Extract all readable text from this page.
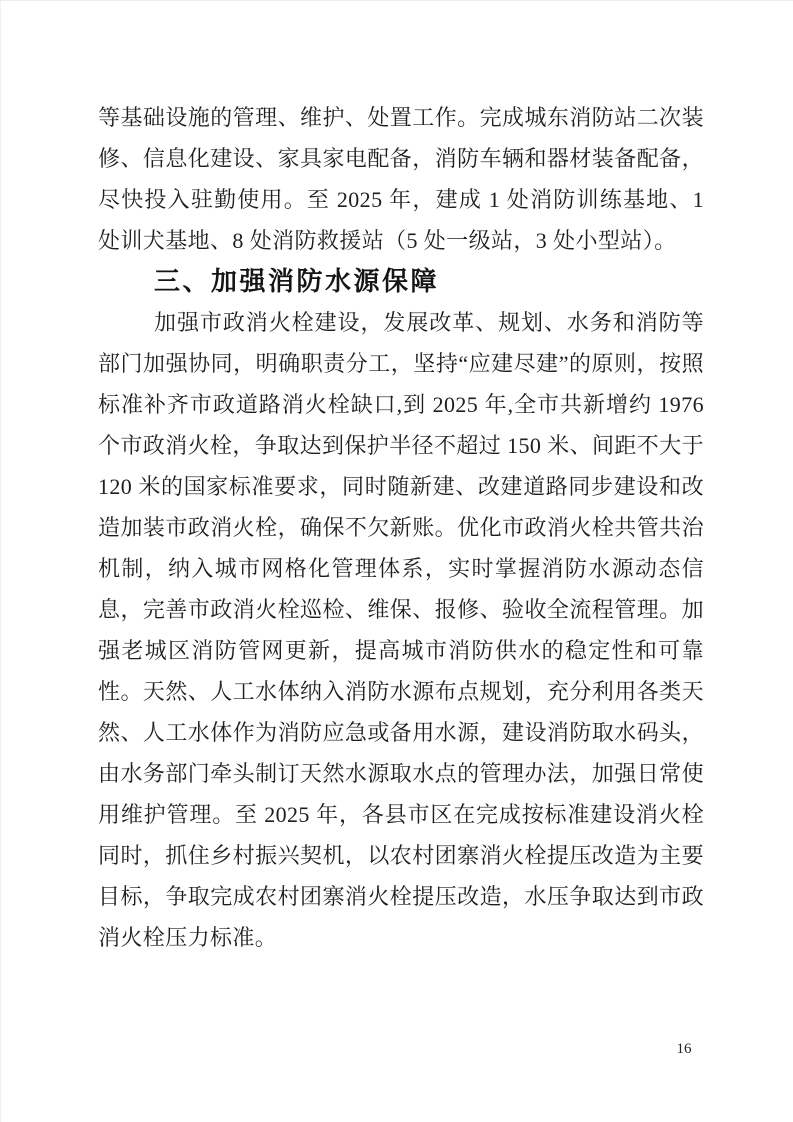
等基础设施的管理、维护、处置工作。完成城东消防站二次装修、信息化建设、家具家电配备，消防车辆和器材装备配备，尽快投入驻勤使用。至 2025 年，建成 1 处消防训练基地、1 处训犬基地、8 处消防救援站（5 处一级站，3 处小型站）。

三、加强消防水源保障

加强市政消火栓建设，发展改革、规划、水务和消防等部门加强协同，明确职责分工，坚持“应建尽建”的原则，按照标准补齐市政道路消火栓缺口,到 2025 年,全市共新增约 1976 个市政消火栓，争取达到保护半径不超过 150 米、间距不大于 120 米的国家标准要求，同时随新建、改建道路同步建设和改造加装市政消火栓，确保不欠新账。优化市政消火栓共管共治机制，纳入城市网格化管理体系，实时掌握消防水源动态信息，完善市政消火栓巡检、维保、报修、验收全流程管理。加强老城区消防管网更新，提高城市消防供水的稳定性和可靠性。天然、人工水体纳入消防水源布点规划，充分利用各类天然、人工水体作为消防应急或备用水源，建设消防取水码头，由水务部门牵头制订天然水源取水点的管理办法，加强日常使用维护管理。至 2025 年，各县市区在完成按标准建设消火栓同时，抓住乡村振兴契机，以农村团寨消火栓提压改造为主要目标，争取完成农村团寨消火栓提压改造，水压争取达到市政消火栓压力标准。

16
